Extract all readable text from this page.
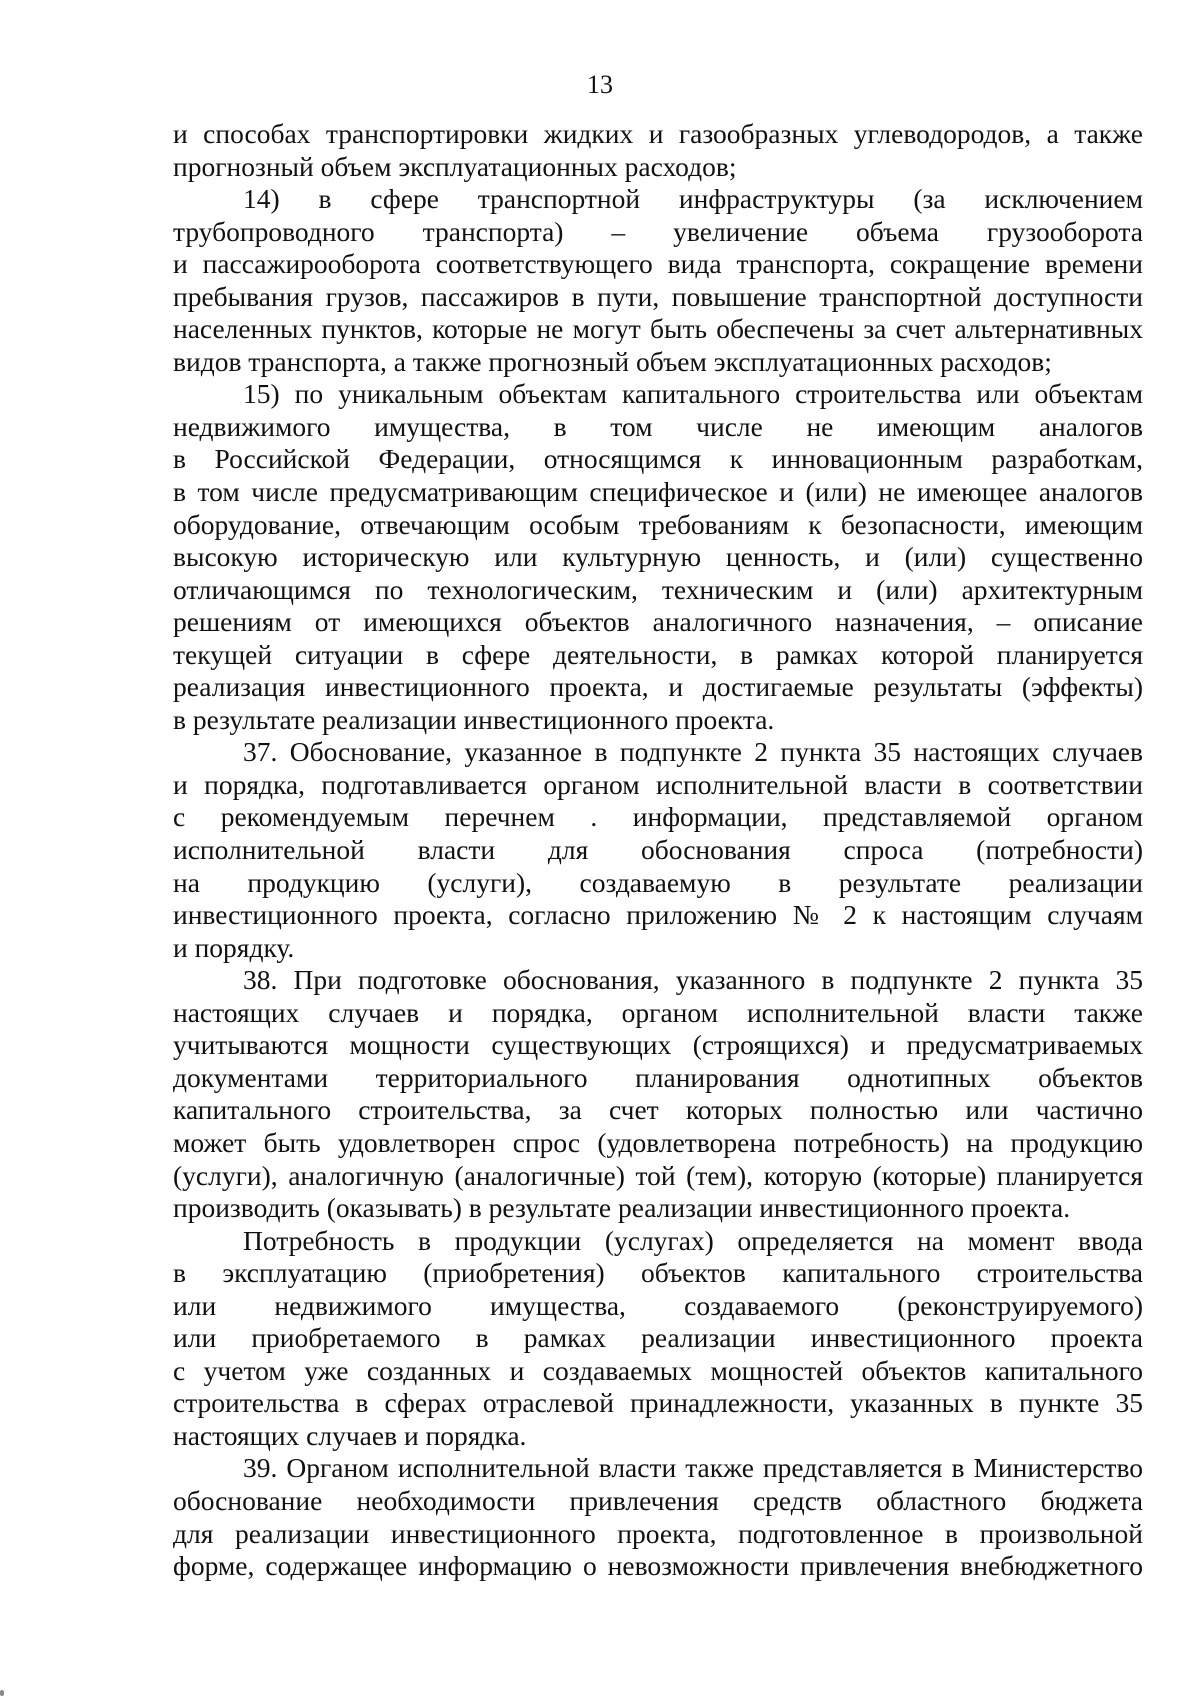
13
и способах транспортировки жидких и газообразных углеводородов, а также
прогнозный объем эксплуатационных расходов;
14) в сфере транспортной инфраструктуры (за исключением
трубопроводного транспорта) – увеличение объема грузооборота
и пассажирооборота соответствующего вида транспорта, сокращение времени
пребывания грузов, пассажиров в пути, повышение транспортной доступности
населенных пунктов, которые не могут быть обеспечены за счет альтернативных
видов транспорта, а также прогнозный объем эксплуатационных расходов;
15) по уникальным объектам капитального строительства или объектам
недвижимого имущества, в том числе не имеющим аналогов
в Российской Федерации, относящимся к инновационным разработкам,
в том числе предусматривающим специфическое и (или) не имеющее аналогов
оборудование, отвечающим особым требованиям к безопасности, имеющим
высокую историческую или культурную ценность, и (или) существенно
отличающимся по технологическим, техническим и (или) архитектурным
решениям от имеющихся объектов аналогичного назначения, – описание
текущей ситуации в сфере деятельности, в рамках которой планируется
реализация инвестиционного проекта, и достигаемые результаты (эффекты)
в результате реализации инвестиционного проекта.
37. Обоснование, указанное в подпункте 2 пункта 35 настоящих случаев
и порядка, подготавливается органом исполнительной власти в соответствии
с рекомендуемым перечнем . информации, представляемой органом
исполнительной власти для обоснования спроса (потребности)
на продукцию (услуги), создаваемую в результате реализации
инвестиционного проекта, согласно приложению № 2 к настоящим случаям
и порядку.
38. При подготовке обоснования, указанного в подпункте 2 пункта 35
настоящих случаев и порядка, органом исполнительной власти также
учитываются мощности существующих (строящихся) и предусматриваемых
документами территориального планирования однотипных объектов
капитального строительства, за счет которых полностью или частично
может быть удовлетворен спрос (удовлетворена потребность) на продукцию
(услуги), аналогичную (аналогичные) той (тем), которую (которые) планируется
производить (оказывать) в результате реализации инвестиционного проекта.
Потребность в продукции (услугах) определяется на момент ввода
в эксплуатацию (приобретения) объектов капитального строительства
или недвижимого имущества, создаваемого (реконструируемого)
или приобретаемого в рамках реализации инвестиционного проекта
с учетом уже созданных и создаваемых мощностей объектов капитального
строительства в сферах отраслевой принадлежности, указанных в пункте 35
настоящих случаев и порядка.
39. Органом исполнительной власти также представляется в Министерство
обоснование необходимости привлечения средств областного бюджета
для реализации инвестиционного проекта, подготовленное в произвольной
форме, содержащее информацию о невозможности привлечения внебюджетного
